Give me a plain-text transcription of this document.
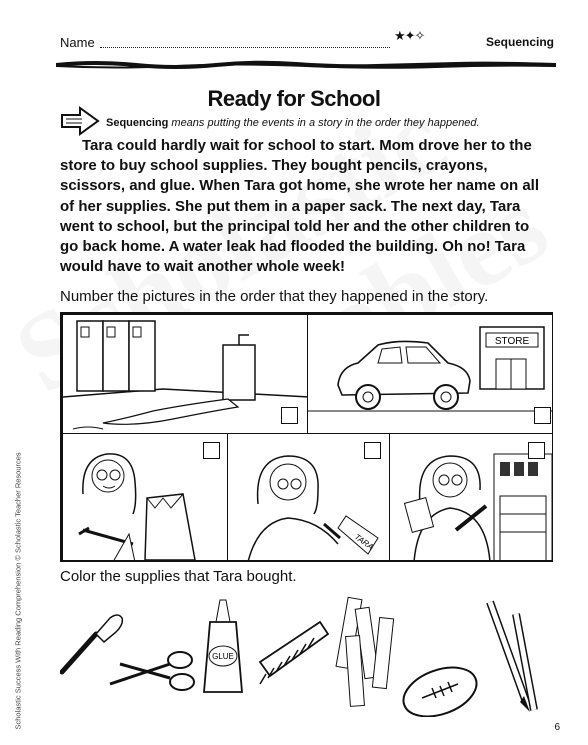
Name	★✦✧	Sequencing
Ready for School
Sequencing means putting the events in a story in the order they happened.

Tara could hardly wait for school to start. Mom drove her to the store to buy school supplies. They bought pencils, crayons, scissors, and glue. When Tara got home, she wrote her name on all of her supplies. She put them in a paper sack. The next day, Tara went to school, but the principal told her and the other children to go back home. A water leak had flooded the building. Oh no! Tara would have to wait another whole week!

Number the pictures in the order that they happened in the story.
STORE
TARA
Color the supplies that Tara bought.
GLUE
Scholastic Success With Reading Comprehension © Scholastic Teacher Resources	6
